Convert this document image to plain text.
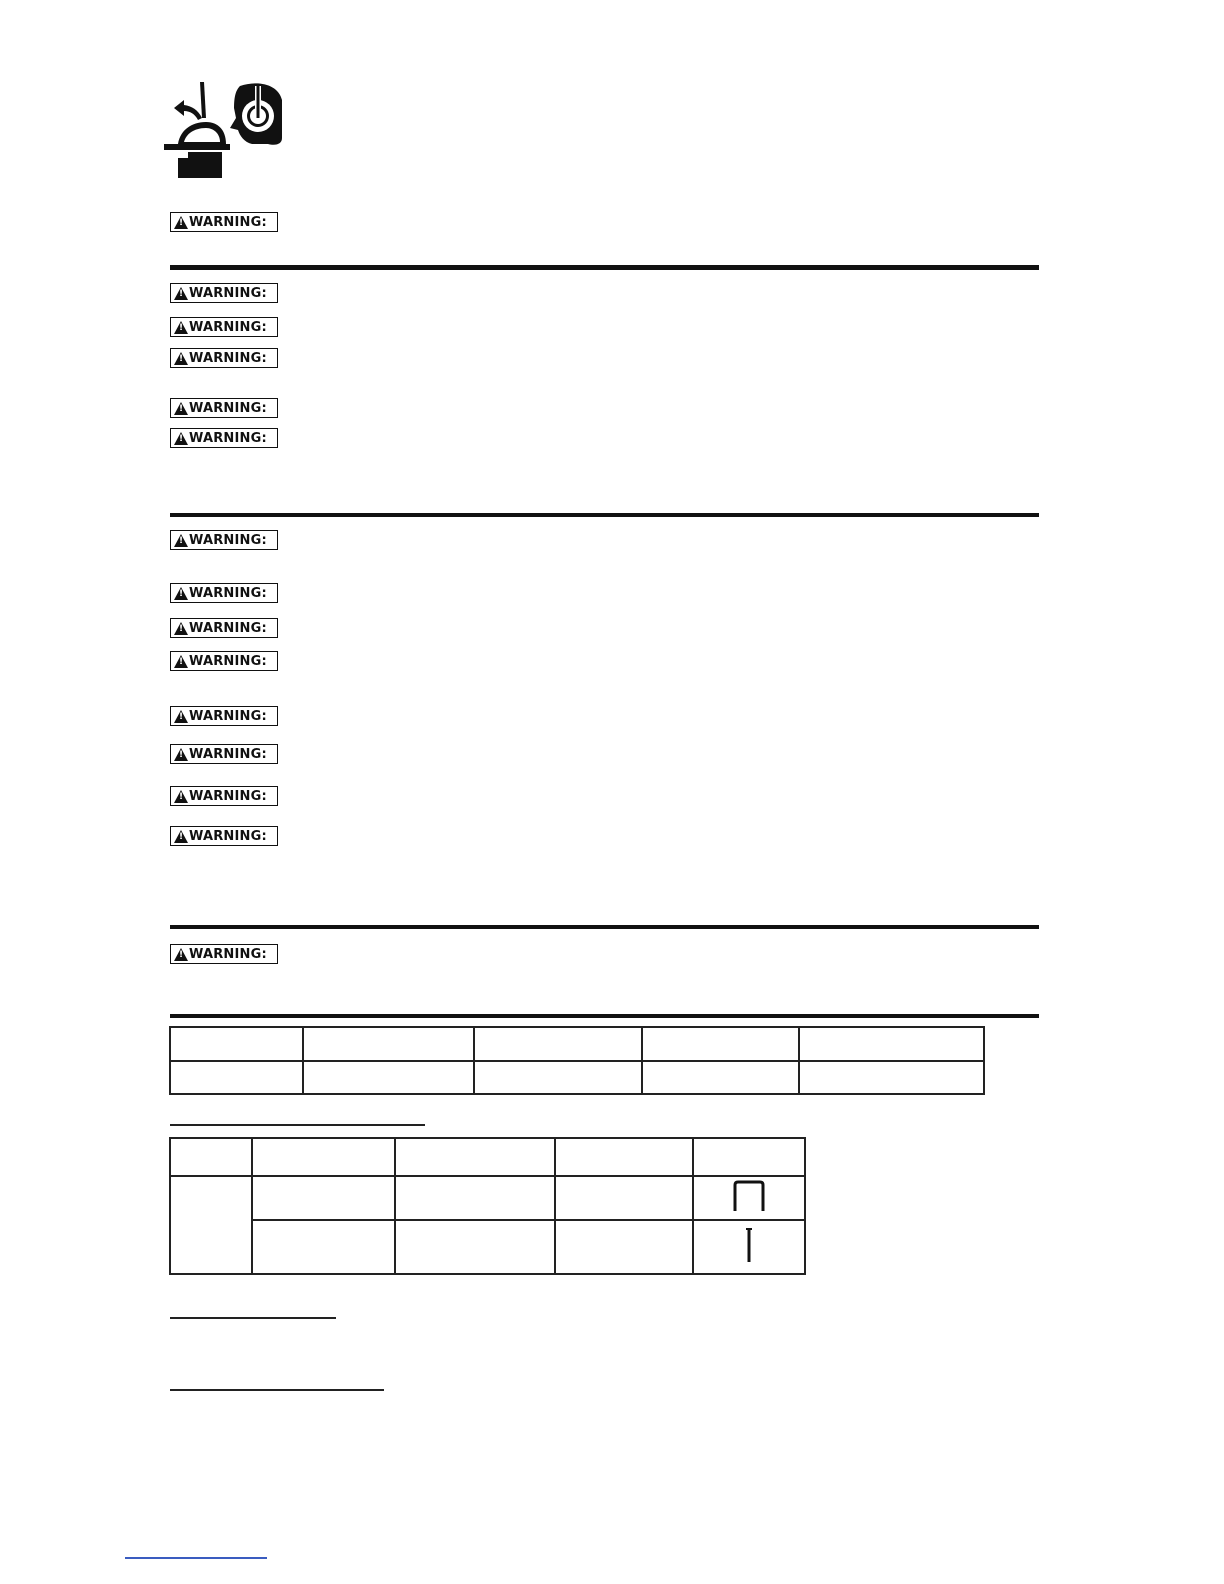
!
WARNING:
!
WARNING:
!
WARNING:
!
WARNING:
!
WARNING:
!
WARNING:
!
WARNING:
!
WARNING:
!
WARNING:
!
WARNING:
!
WARNING:
!
WARNING:
!
WARNING:
!
WARNING:
!
WARNING:
